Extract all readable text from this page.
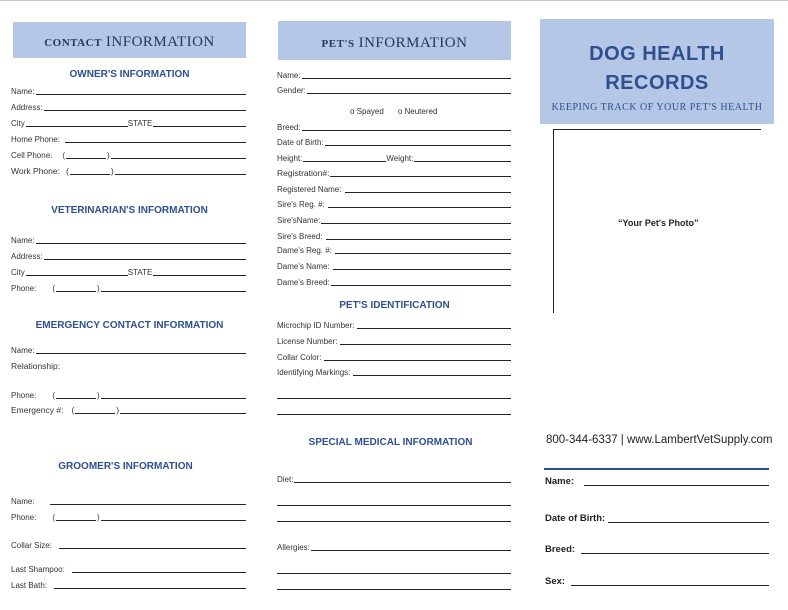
CONTACT INFORMATION
OWNER'S INFORMATION
Name:
Address:
City	STATE
Home Phone:
Cell Phone: (	)
Work Phone: (	)
VETERINARIAN'S INFORMATION
Name:
Address:
City	STATE
Phone: (	)
EMERGENCY CONTACT INFORMATION
Name:
Relationship:
Phone: (	)
Emergency #: (	)
GROOMER'S INFORMATION
Name:
Phone: (	)
Collar Size:
Last Shampoo:
Last Bath:
PET'S INFORMATION
Name:
Gender:
o Spayed o Neutered
Breed:
Date of Birth:
Height:	Weight:
Registration#:
Registered Name:
Sire's Reg. #:
Sire'sName:
Sire's Breed:
Dame's Reg. #:
Dame's Name:
Dame's Breed:
PET'S IDENTIFICATION
Microchip ID Number:
License Number:
Collar Color:
Identifying Markings:
SPECIAL MEDICAL INFORMATION
Diet:
Allergies:
DOG HEALTH
RECORDS
KEEPING TRACK OF YOUR PET'S HEALTH
“Your Pet's Photo”
800-344-6337 | www.LambertVetSupply.com
Name:
Date of Birth:
Breed:
Sex:
